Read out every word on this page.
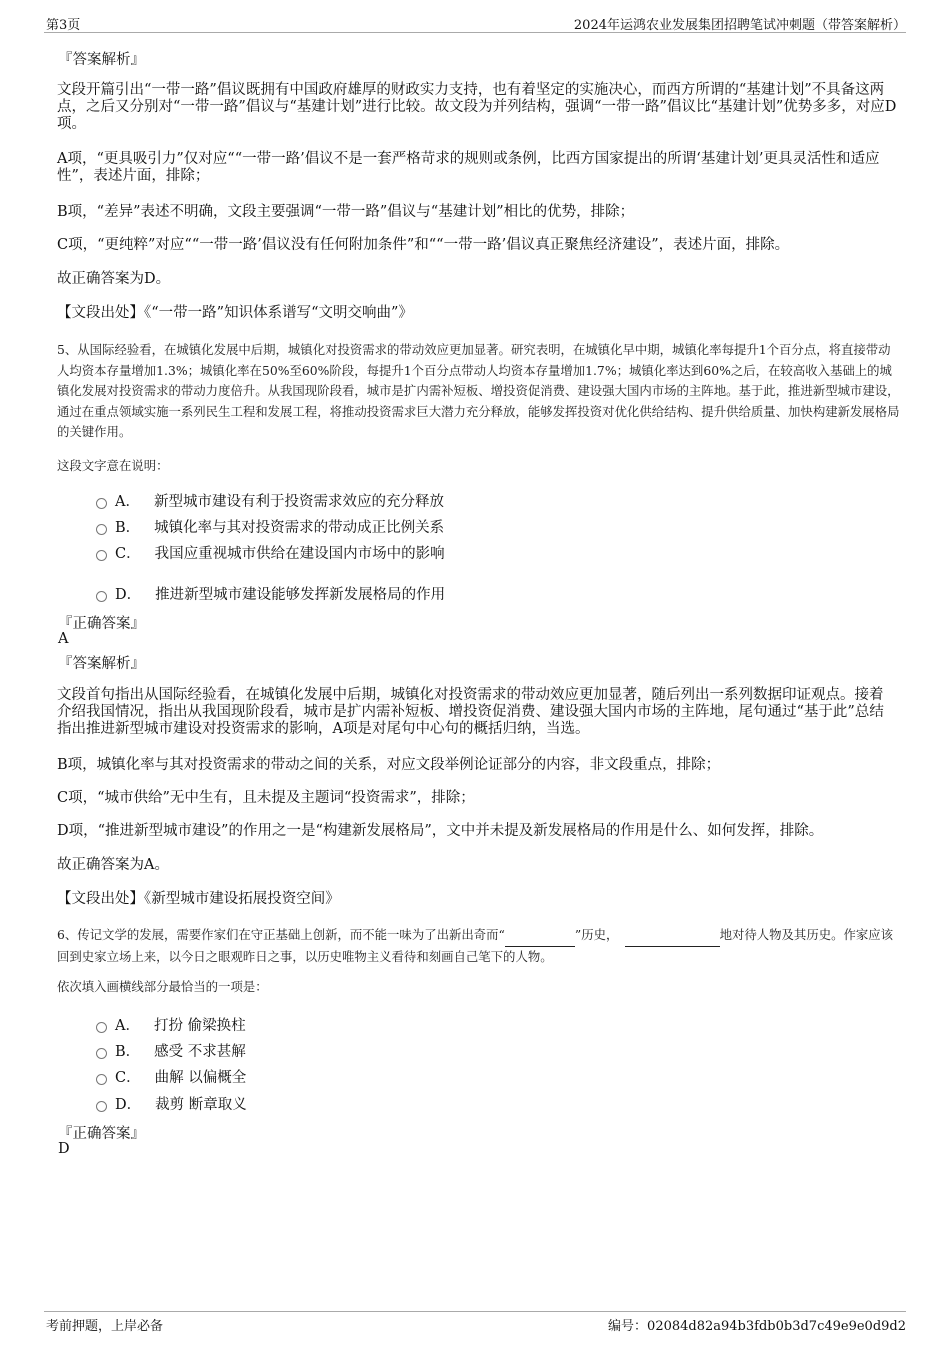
第3页	2024年运鸿农业发展集团招聘笔试冲刺题（带答案解析）
『答案解析』
文段开篇引出“一带一路”倡议既拥有中国政府雄厚的财政实力支持，也有着坚定的实施决心，而西方所谓的“基建计划”不具备这两点，之后又分别对“一带一路”倡议与“基建计划”进行比较。故文段为并列结构，强调“一带一路”倡议比“基建计划”优势多多，对应D项。
A项，“更具吸引力”仅对应““一带一路’倡议不是一套严格苛求的规则或条例，比西方国家提出的所谓‘基建计划’更具灵活性和适应性”，表述片面，排除；
B项，“差异”表述不明确，文段主要强调“一带一路”倡议与“基建计划”相比的优势，排除；
C项，“更纯粹”对应““一带一路’倡议没有任何附加条件”和““一带一路’倡议真正聚焦经济建设”，表述片面，排除。
故正确答案为D。
【文段出处】《“一带一路”知识体系谱写“文明交响曲”》
5、从国际经验看，在城镇化发展中后期，城镇化对投资需求的带动效应更加显著。研究表明，在城镇化早中期，城镇化率每提升1个百分点，将直接带动人均资本存量增加1.3%；城镇化率在50%至60%阶段，每提升1个百分点带动人均资本存量增加1.7%；城镇化率达到60%之后，在较高收入基础上的城镇化发展对投资需求的带动力度倍升。从我国现阶段看，城市是扩内需补短板、增投资促消费、建设强大国内市场的主阵地。基于此，推进新型城市建设，通过在重点领域实施一系列民生工程和发展工程，将推动投资需求巨大潜力充分释放，能够发挥投资对优化供给结构、提升供给质量、加快构建新发展格局的关键作用。
这段文字意在说明：
A． 新型城市建设有利于投资需求效应的充分释放
B． 城镇化率与其对投资需求的带动成正比例关系
C． 我国应重视城市供给在建设国内市场中的影响
D． 推进新型城市建设能够发挥新发展格局的作用
『正确答案』
A
『答案解析』
文段首句指出从国际经验看，在城镇化发展中后期，城镇化对投资需求的带动效应更加显著，随后列出一系列数据印证观点。接着介绍我国情况，指出从我国现阶段看，城市是扩内需补短板、增投资促消费、建设强大国内市场的主阵地，尾句通过“基于此”总结指出推进新型城市建设对投资需求的影响，A项是对尾句中心句的概括归纳，当选。
B项，城镇化率与其对投资需求的带动之间的关系，对应文段举例论证部分的内容，非文段重点，排除；
C项，“城市供给”无中生有，且未提及主题词“投资需求”，排除；
D项，“推进新型城市建设”的作用之一是“构建新发展格局”，文中并未提及新发展格局的作用是什么、如何发挥，排除。
故正确答案为A。
【文段出处】《新型城市建设拓展投资空间》
6、传记文学的发展，需要作家们在守正基础上创新，而不能一味为了出新出奇而“	”历史，　	地对待人物及其历史。作家应该回到史家立场上来，以今日之眼观昨日之事，以历史唯物主义看待和刻画自己笔下的人物。
依次填入画横线部分最恰当的一项是：
A． 打扮 偷梁换柱
B． 感受 不求甚解
C． 曲解 以偏概全
D． 裁剪 断章取义
『正确答案』
D
考前押题，上岸必备	编号：02084d82a94b3fdb0b3d7c49e9e0d9d2
